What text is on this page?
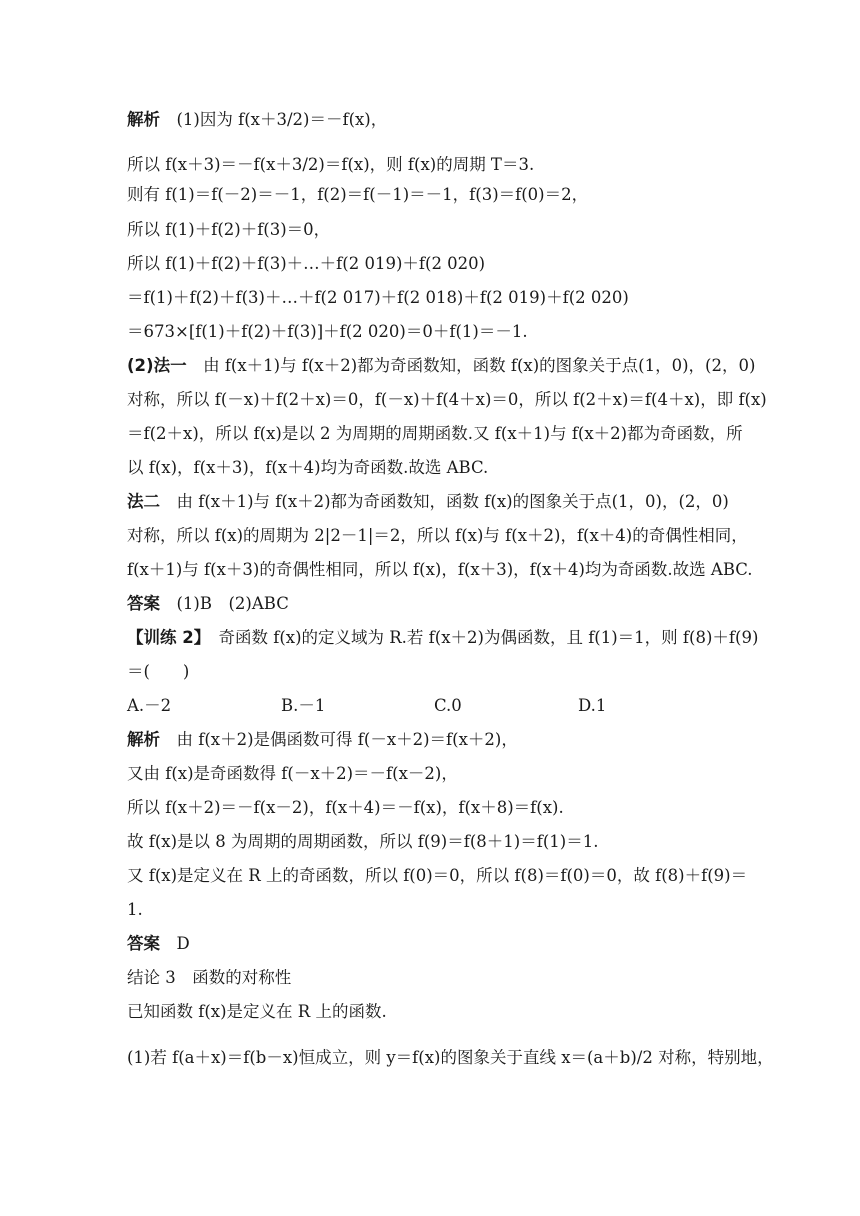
解析　 (1)因为 f(x＋3/2)＝－f(x)，
所以 f(x＋3)＝－f(x＋3/2)＝f(x)，则 f(x)的周期 T＝3.
则有 f(1)＝f(－2)＝－1，f(2)＝f(－1)＝－1，f(3)＝f(0)＝2，
所以 f(1)＋f(2)＋f(3)＝0，
所以 f(1)＋f(2)＋f(3)＋…＋f(2 019)＋f(2 020)
＝f(1)＋f(2)＋f(3)＋…＋f(2 017)＋f(2 018)＋f(2 019)＋f(2 020)
＝673×[f(1)＋f(2)＋f(3)]＋f(2 020)＝0＋f(1)＝－1.
(2)法一　 由 f(x＋1)与 f(x＋2)都为奇函数知，函数 f(x)的图象关于点(1，0)，(2，0)
对称，所以 f(－x)＋f(2＋x)＝0，f(－x)＋f(4＋x)＝0，所以 f(2＋x)＝f(4＋x)，即 f(x)
＝f(2＋x)，所以 f(x)是以 2 为周期的周期函数.又 f(x＋1)与 f(x＋2)都为奇函数，所
以 f(x)，f(x＋3)，f(x＋4)均为奇函数.故选 ABC.
法二　 由 f(x＋1)与 f(x＋2)都为奇函数知，函数 f(x)的图象关于点(1，0)，(2，0)
对称，所以 f(x)的周期为 2|2－1|＝2，所以 f(x)与 f(x＋2)，f(x＋4)的奇偶性相同，
f(x＋1)与 f(x＋3)的奇偶性相同，所以 f(x)，f(x＋3)，f(x＋4)均为奇函数.故选 ABC.
答案　 (1)B　(2)ABC
【训练 2】　 奇函数 f(x)的定义域为 R.若 f(x＋2)为偶函数，且 f(1)＝1，则 f(8)＋f(9)
＝(　　)
解析　 由 f(x＋2)是偶函数可得 f(－x＋2)＝f(x＋2)，
又由 f(x)是奇函数得 f(－x＋2)＝－f(x－2)，
所以 f(x＋2)＝－f(x－2)，f(x＋4)＝－f(x)，f(x＋8)＝f(x).
故 f(x)是以 8 为周期的周期函数，所以 f(9)＝f(8＋1)＝f(1)＝1.
又 f(x)是定义在 R 上的奇函数，所以 f(0)＝0，所以 f(8)＝f(0)＝0，故 f(8)＋f(9)＝
1.
答案　 D
结论 3　函数的对称性
已知函数 f(x)是定义在 R 上的函数.
(1)若 f(a＋x)＝f(b－x)恒成立，则 y＝f(x)的图象关于直线 x＝(a＋b)/2 对称，特别地，
A.－2	B.－1	C.0	D.1
